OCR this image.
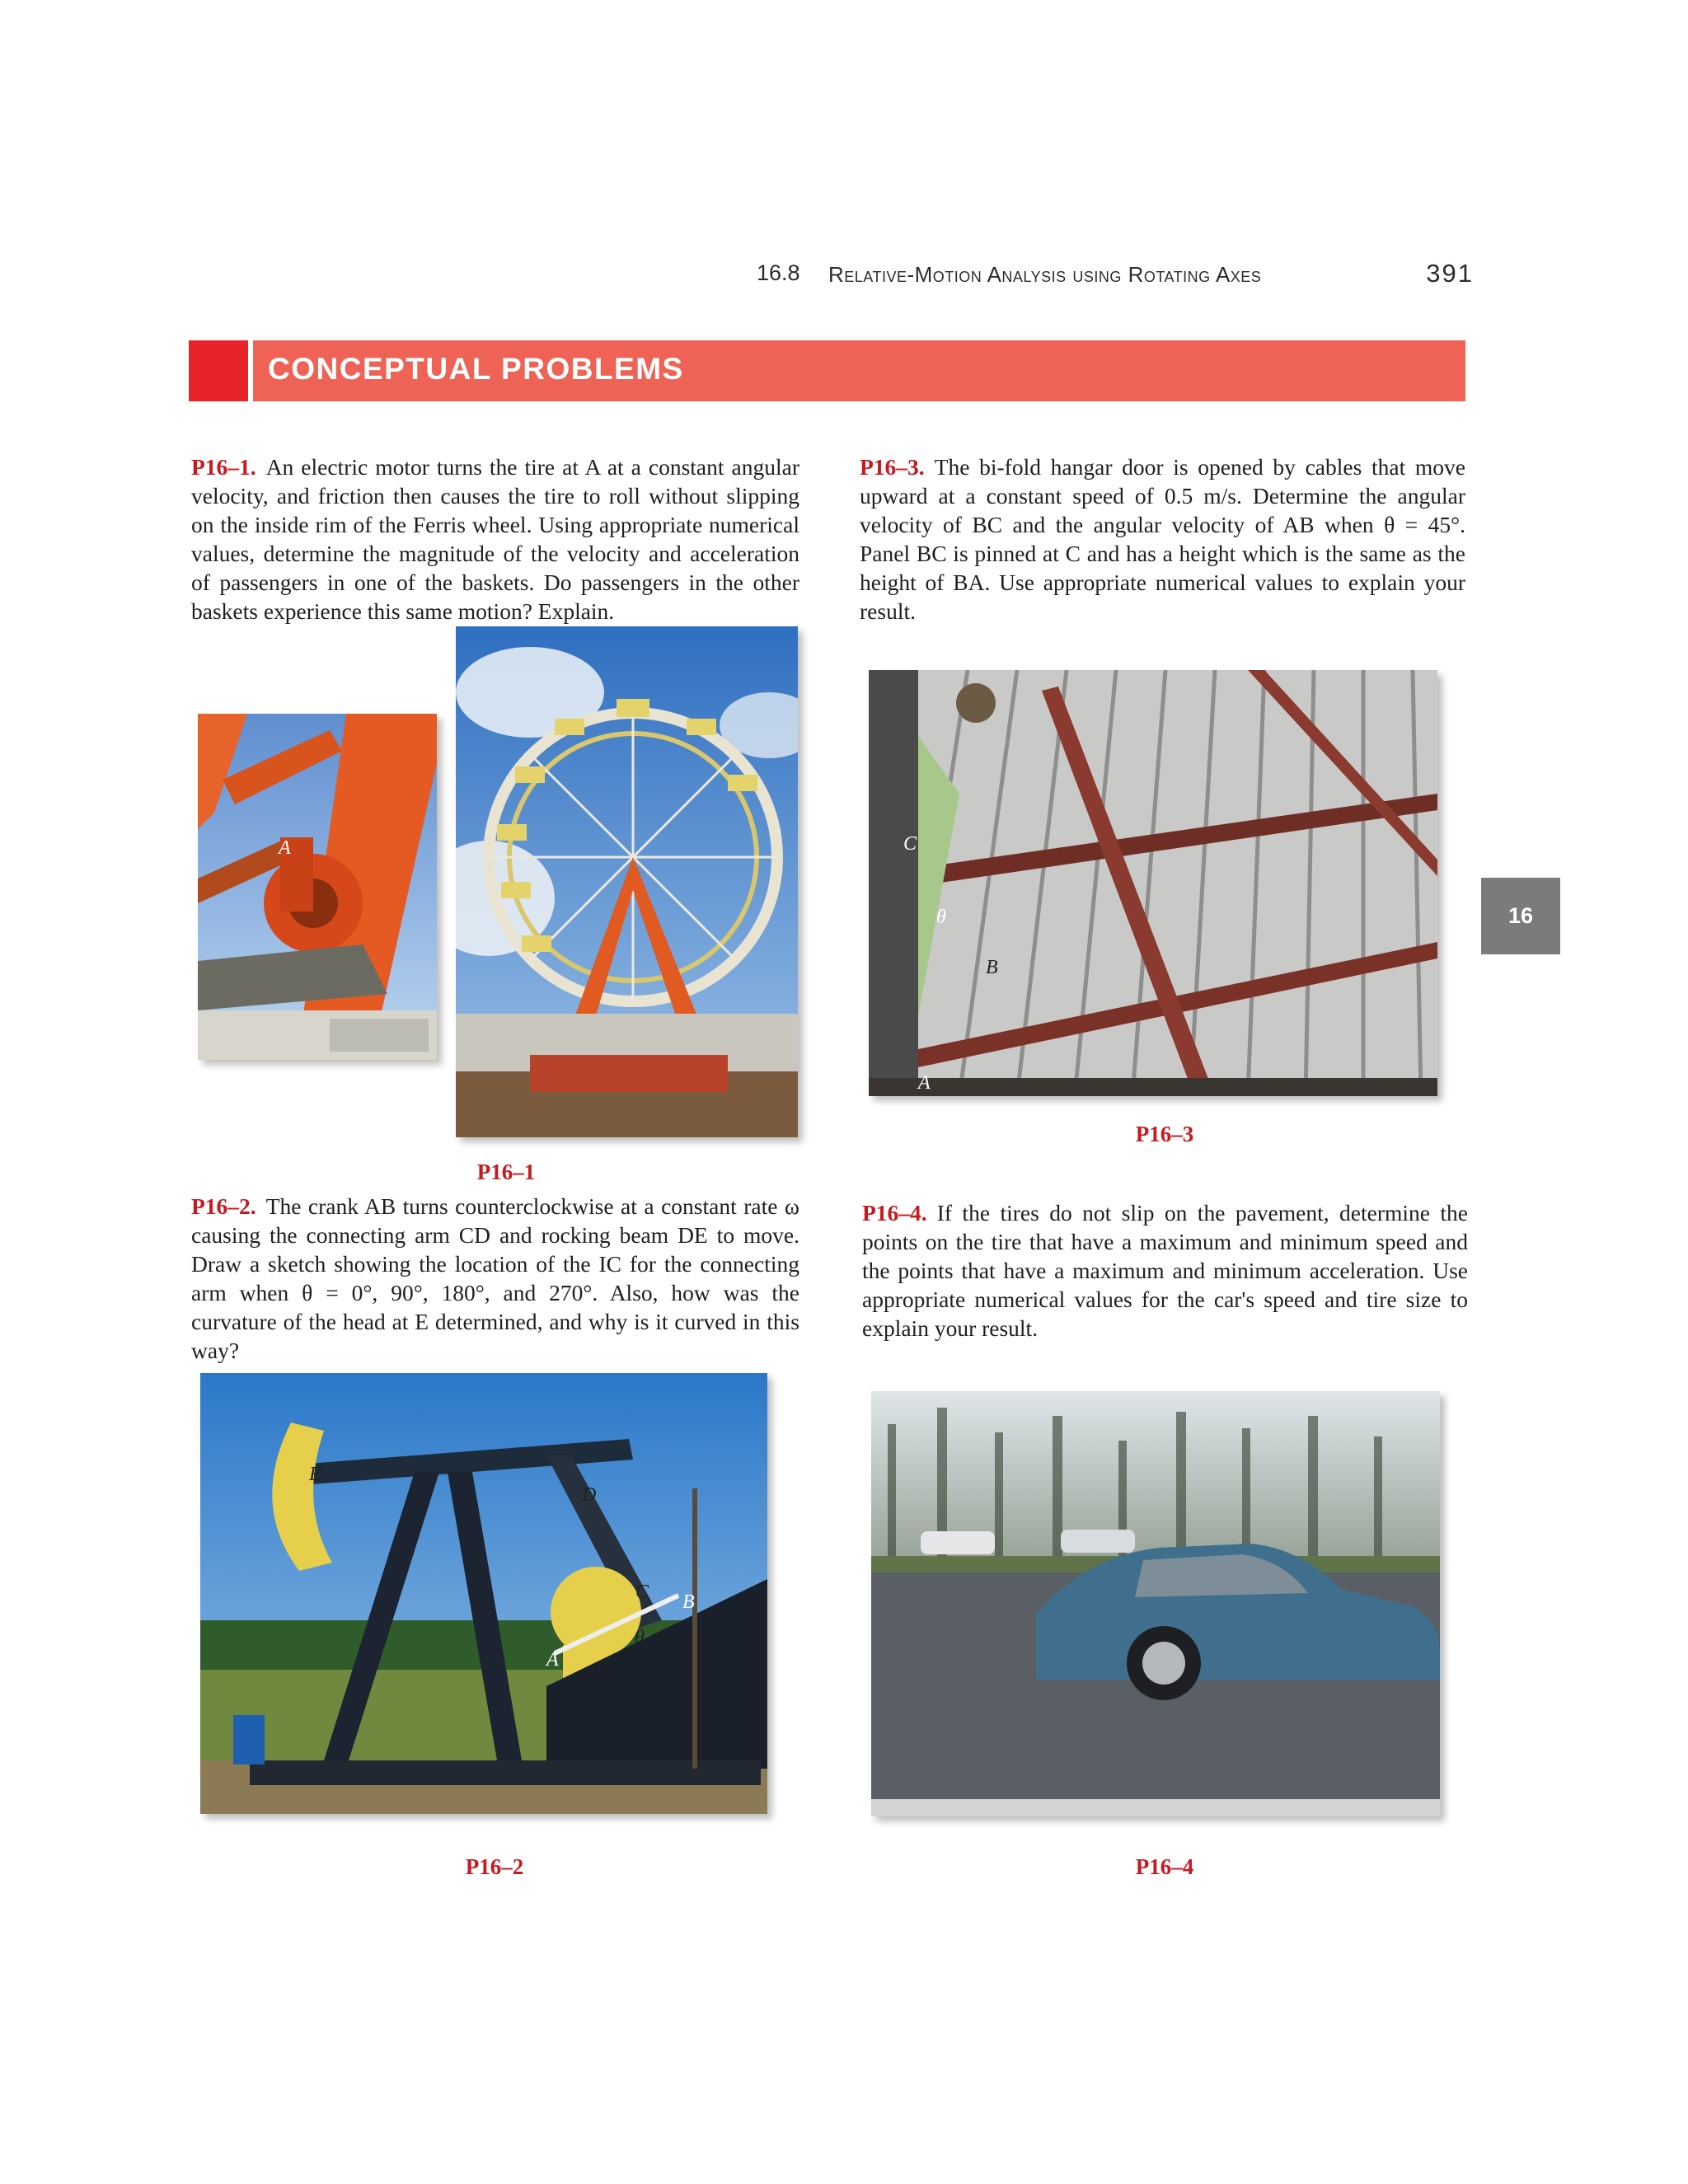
16.8 Relative-Motion Analysis using Rotating Axes	391
CONCEPTUAL PROBLEMS
16

P16–1. An electric motor turns the tire at A at a constant angular velocity, and friction then causes the tire to roll without slipping on the inside rim of the Ferris wheel. Using appropriate numerical values, determine the magnitude of the velocity and acceleration of passengers in one of the baskets. Do passengers in the other baskets experience this same motion? Explain.

A
P16–1

P16–2. The crank AB turns counterclockwise at a constant rate ω causing the connecting arm CD and rocking beam DE to move. Draw a sketch showing the location of the IC for the connecting arm when θ = 0°, 90°, 180°, and 270°. Also, how was the curvature of the head at E determined, and why is it curved in this way?

E
D
C B
A
θ
P16–2

P16–3. The bi-fold hangar door is opened by cables that move upward at a constant speed of 0.5 m/s. Determine the angular velocity of BC and the angular velocity of AB when θ = 45°. Panel BC is pinned at C and has a height which is the same as the height of BA. Use appropriate numerical values to explain your result.

C
θ
B
A
P16–3

P16–4. If the tires do not slip on the pavement, determine the points on the tire that have a maximum and minimum speed and the points that have a maximum and minimum acceleration. Use appropriate numerical values for the car's speed and tire size to explain your result.

P16–4
